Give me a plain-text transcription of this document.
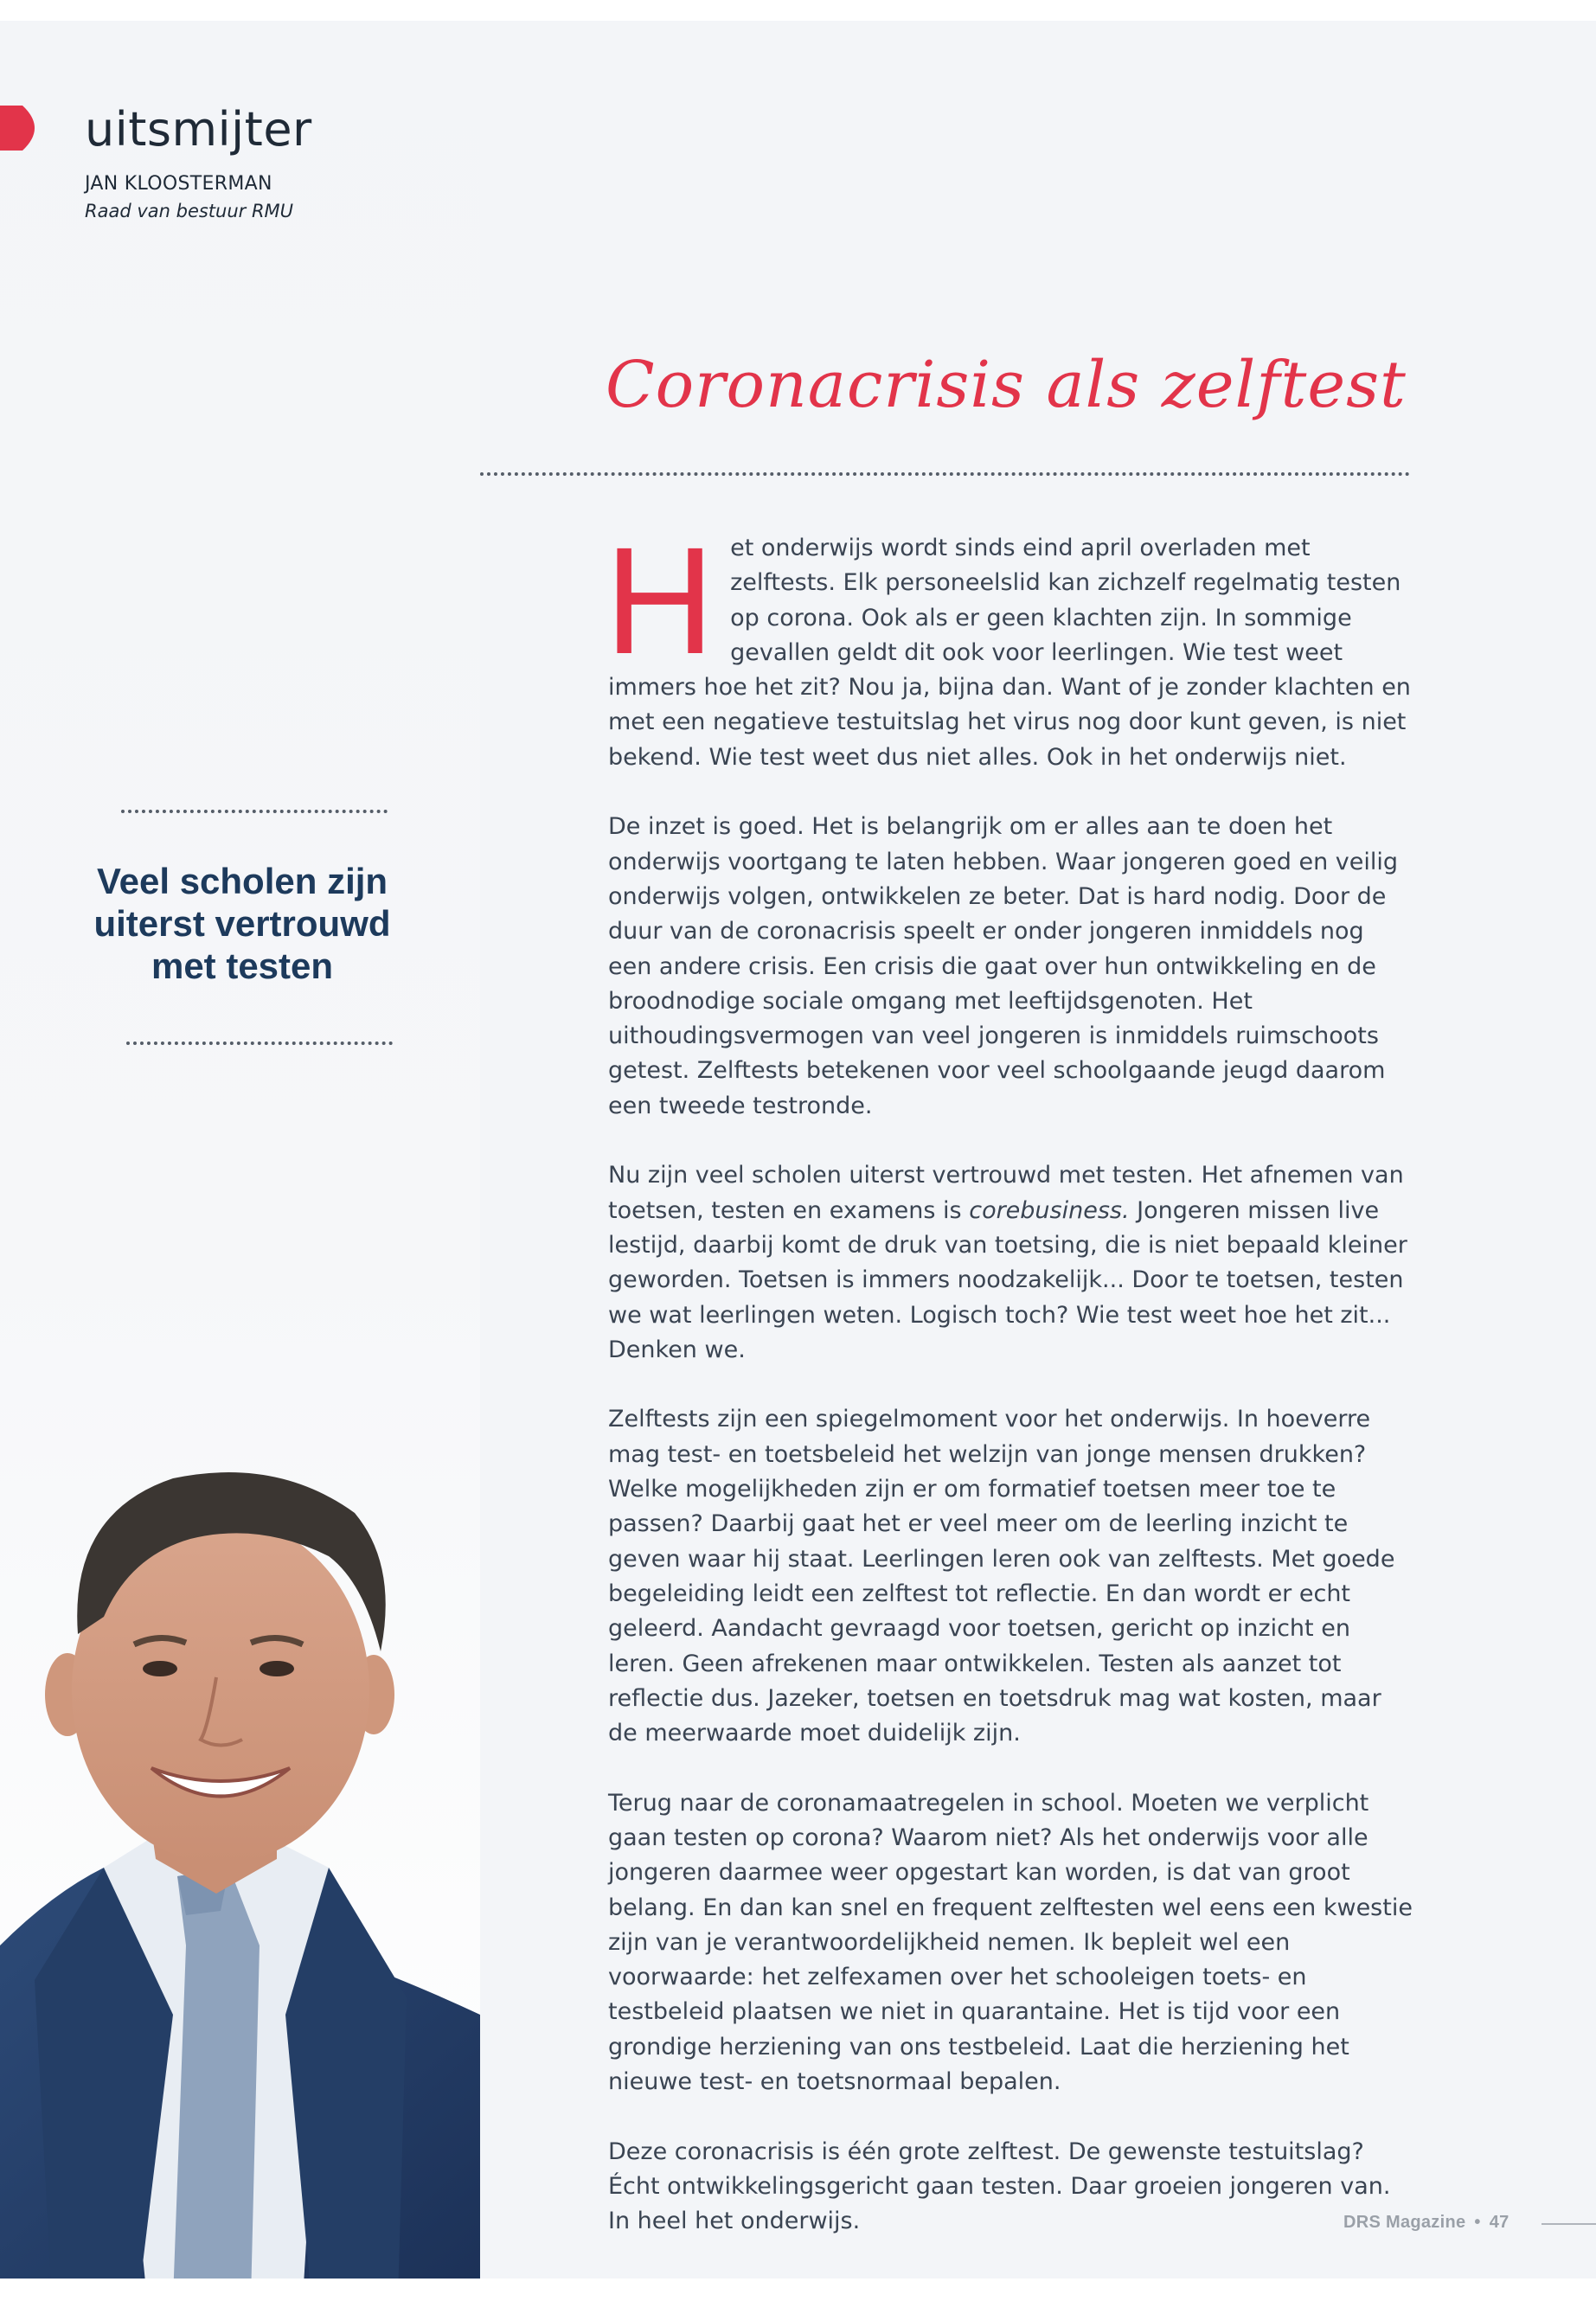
uitsmijter
JAN KLOOSTERMAN
Raad van bestuur RMU
Coronacrisis als zelftest
Veel scholen zijn uiterst vertrouwd met testen

Het onderwijs wordt sinds eind april overladen met zelftests. Elk personeelslid kan zichzelf regelmatig testen op corona. Ook als er geen klachten zijn. In sommige gevallen geldt dit ook voor leerlingen. Wie test weet immers hoe het zit? Nou ja, bijna dan. Want of je zonder klachten en met een negatieve testuitslag het virus nog door kunt geven, is niet bekend. Wie test weet dus niet alles. Ook in het onderwijs niet.

De inzet is goed. Het is belangrijk om er alles aan te doen het onderwijs voortgang te laten hebben. Waar jongeren goed en veilig onderwijs volgen, ontwikkelen ze beter. Dat is hard nodig. Door de duur van de coronacrisis speelt er onder jongeren inmiddels nog een andere crisis. Een crisis die gaat over hun ontwikkeling en de broodnodige sociale omgang met leeftijdsgenoten. Het uithoudingsvermogen van veel jongeren is inmiddels ruimschoots getest. Zelftests betekenen voor veel schoolgaande jeugd daarom een tweede testronde.

Nu zijn veel scholen uiterst vertrouwd met testen. Het afnemen van toetsen, testen en examens is corebusiness. Jongeren missen live lestijd, daarbij komt de druk van toetsing, die is niet bepaald kleiner geworden. Toetsen is immers noodzakelijk... Door te toetsen, testen we wat leerlingen weten. Logisch toch? Wie test weet hoe het zit... Denken we.

Zelftests zijn een spiegelmoment voor het onderwijs. In hoeverre mag test- en toetsbeleid het welzijn van jonge mensen drukken? Welke mogelijkheden zijn er om formatief toetsen meer toe te passen? Daarbij gaat het er veel meer om de leerling inzicht te geven waar hij staat. Leerlingen leren ook van zelftests. Met goede begeleiding leidt een zelftest tot reflectie. En dan wordt er echt geleerd. Aandacht gevraagd voor toetsen, gericht op inzicht en leren. Geen afrekenen maar ontwikkelen. Testen als aanzet tot reflectie dus. Jazeker, toetsen en toetsdruk mag wat kosten, maar de meerwaarde moet duidelijk zijn.

Terug naar de coronamaatregelen in school. Moeten we verplicht gaan testen op corona? Waarom niet? Als het onderwijs voor alle jongeren daarmee weer opgestart kan worden, is dat van groot belang. En dan kan snel en frequent zelftesten wel eens een kwestie zijn van je verantwoordelijkheid nemen. Ik bepleit wel een voorwaarde: het zelfexamen over het schooleigen toets- en testbeleid plaatsen we niet in quarantaine. Het is tijd voor een grondige herziening van ons testbeleid. Laat die herziening het nieuwe test- en toetsnormaal bepalen.

Deze coronacrisis is één grote zelftest. De gewenste testuitslag? Écht ontwikkelingsgericht gaan testen. Daar groeien jongeren van. In heel het onderwijs.	DRS Magazine • 47
